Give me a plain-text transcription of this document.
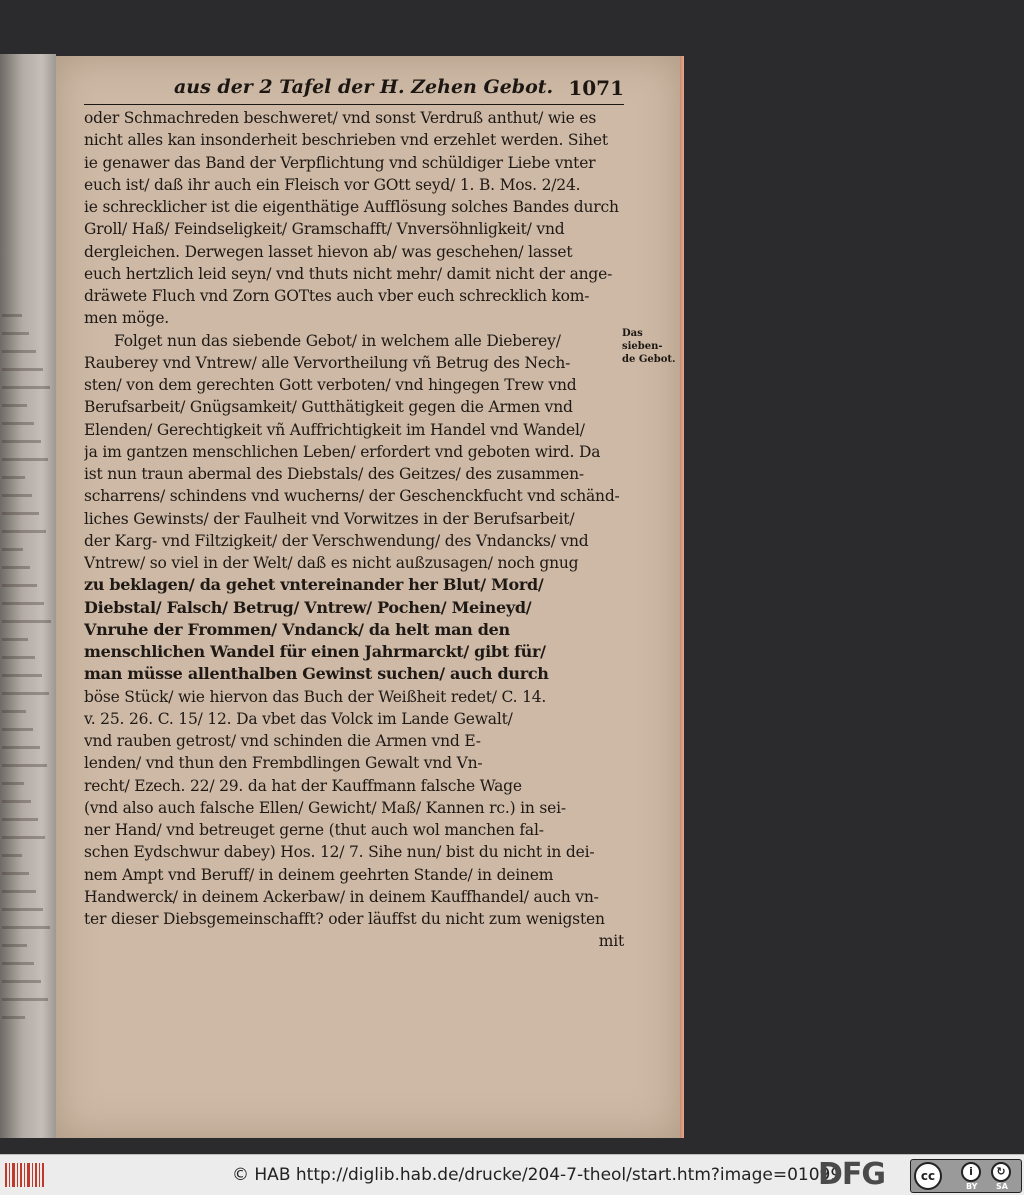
aus der 2 Tafel der H. Zehen Gebot. 1071
Das sieben-
de Gebot.
oder Schmachreden beschweret/ vnd sonst Verdruß anthut/ wie es
nicht alles kan insonderheit beschrieben vnd erzehlet werden. Sihet
ie genawer das Band der Verpflichtung vnd schüldiger Liebe vnter
euch ist/ daß ihr auch ein Fleisch vor GOtt seyd/ 1. B. Mos. 2/24.
ie schrecklicher ist die eigenthätige Aufflösung solches Bandes durch
Groll/ Haß/ Feindseligkeit/ Gramschafft/ Vnversöhnligkeit/ vnd
dergleichen. Derwegen lasset hievon ab/ was geschehen/ lasset
euch hertzlich leid seyn/ vnd thuts nicht mehr/ damit nicht der ange-
dräwete Fluch vnd Zorn GOTtes auch vber euch schrecklich kom-
men möge.
Folget nun das siebende Gebot/ in welchem alle Dieberey/
Rauberey vnd Vntrew/ alle Vervortheilung vñ Betrug des Nech-
sten/ von dem gerechten Gott verboten/ vnd hingegen Trew vnd
Berufsarbeit/ Gnügsamkeit/ Gutthätigkeit gegen die Armen vnd
Elenden/ Gerechtigkeit vñ Auffrichtigkeit im Handel vnd Wandel/
ja im gantzen menschlichen Leben/ erfordert vnd geboten wird. Da
ist nun traun abermal des Diebstals/ des Geitzes/ des zusammen-
scharrens/ schindens vnd wucherns/ der Geschenckfucht vnd schänd-
liches Gewinsts/ der Faulheit vnd Vorwitzes in der Berufsarbeit/
der Karg- vnd Filtzigkeit/ der Verschwendung/ des Vndancks/ vnd
Vntrew/ so viel in der Welt/ daß es nicht außzusagen/ noch gnug
zu beklagen/ da gehet vntereinander her Blut/ Mord/
Diebstal/ Falsch/ Betrug/ Vntrew/ Pochen/ Meineyd/
Vnruhe der Frommen/ Vndanck/ da helt man den
menschlichen Wandel für einen Jahrmarckt/ gibt für/
man müsse allenthalben Gewinst suchen/ auch durch
böse Stück/ wie hiervon das Buch der Weißheit redet/ C. 14.
v. 25. 26. C. 15/ 12. Da vbet das Volck im Lande Gewalt/
vnd rauben getrost/ vnd schinden die Armen vnd E-
lenden/ vnd thun den Frembdlingen Gewalt vnd Vn-
recht/ Ezech. 22/ 29. da hat der Kauffmann falsche Wage
(vnd also auch falsche Ellen/ Gewicht/ Maß/ Kannen rc.) in sei-
ner Hand/ vnd betreuget gerne (thut auch wol manchen fal-
schen Eydschwur dabey) Hos. 12/ 7. Sihe nun/ bist du nicht in dei-
nem Ampt vnd Beruff/ in deinem geehrten Stande/ in deinem
Handwerck/ in deinem Ackerbaw/ in deinem Kauffhandel/ auch vn-
ter dieser Diebsgemeinschafft? oder läuffst du nicht zum wenigsten
mit
© HAB http://diglib.hab.de/drucke/204-7-theol/start.htm?image=01099
DFG	cc	i	↻
BY SA
